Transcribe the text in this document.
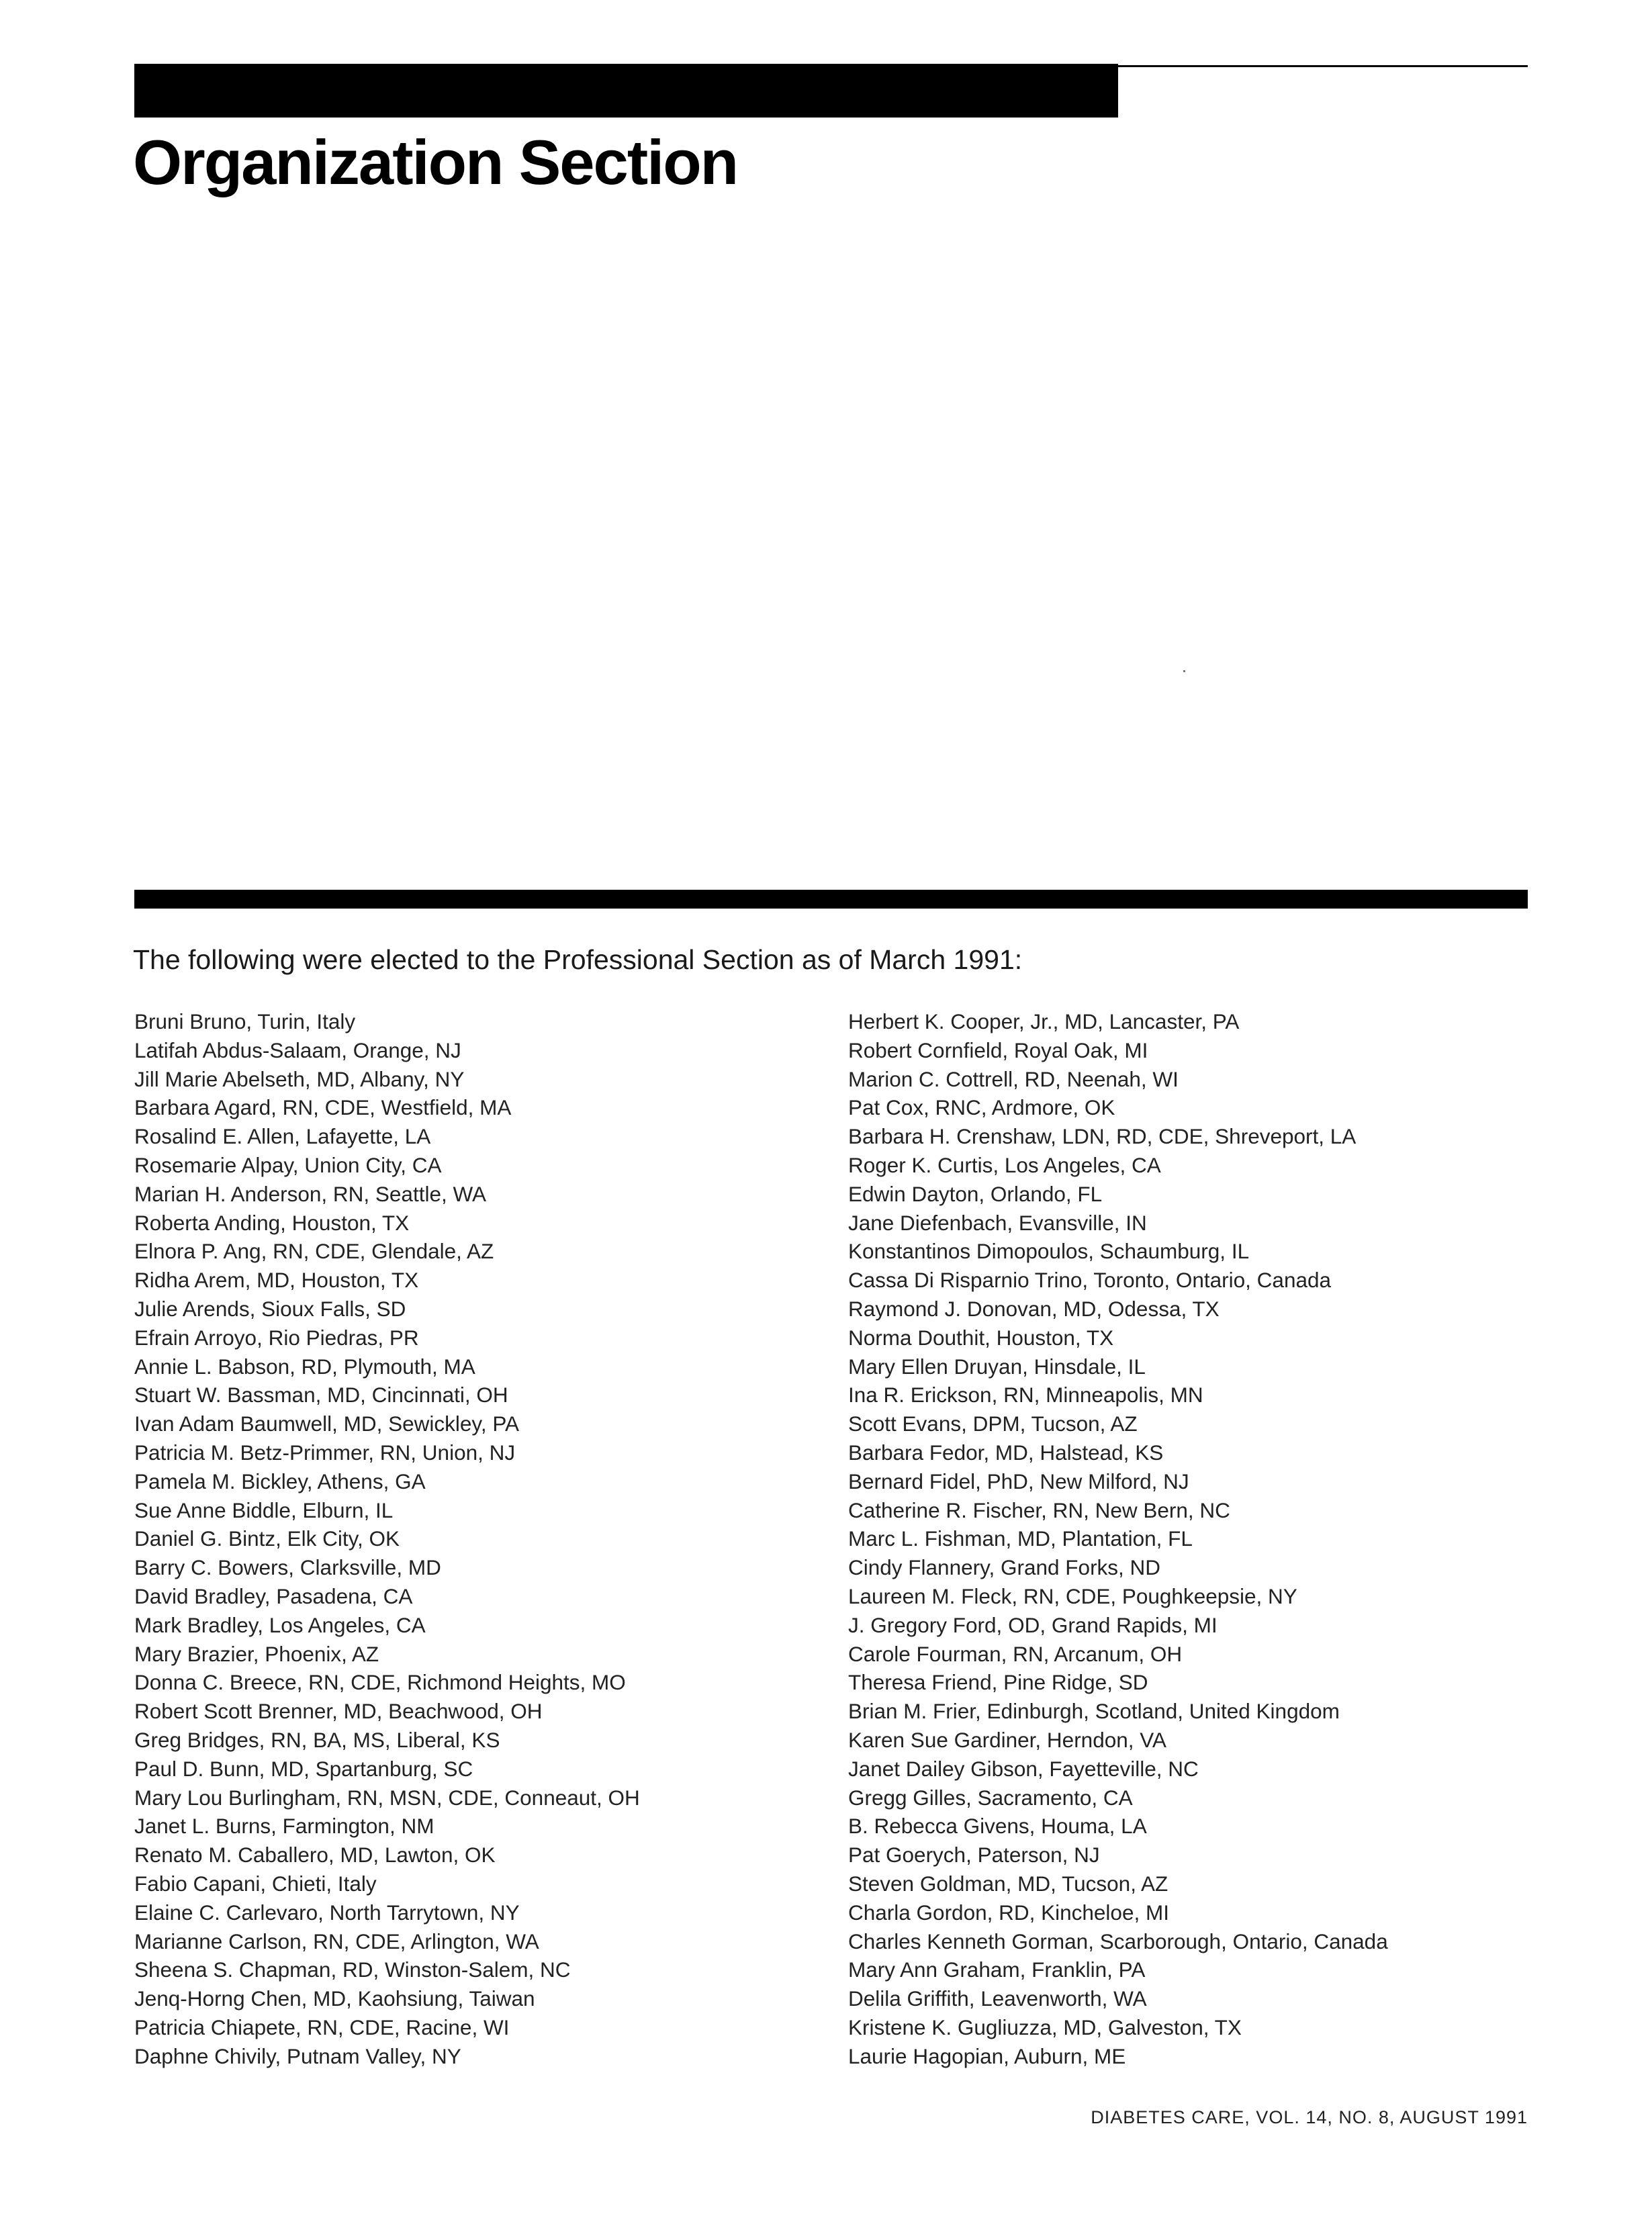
Organization Section

The following were elected to the Professional Section as of March 1991:

Bruni Bruno, Turin, Italy
Latifah Abdus-Salaam, Orange, NJ
Jill Marie Abelseth, MD, Albany, NY
Barbara Agard, RN, CDE, Westfield, MA
Rosalind E. Allen, Lafayette, LA
Rosemarie Alpay, Union City, CA
Marian H. Anderson, RN, Seattle, WA
Roberta Anding, Houston, TX
Elnora P. Ang, RN, CDE, Glendale, AZ
Ridha Arem, MD, Houston, TX
Julie Arends, Sioux Falls, SD
Efrain Arroyo, Rio Piedras, PR
Annie L. Babson, RD, Plymouth, MA
Stuart W. Bassman, MD, Cincinnati, OH
Ivan Adam Baumwell, MD, Sewickley, PA
Patricia M. Betz-Primmer, RN, Union, NJ
Pamela M. Bickley, Athens, GA
Sue Anne Biddle, Elburn, IL
Daniel G. Bintz, Elk City, OK
Barry C. Bowers, Clarksville, MD
David Bradley, Pasadena, CA
Mark Bradley, Los Angeles, CA
Mary Brazier, Phoenix, AZ
Donna C. Breece, RN, CDE, Richmond Heights, MO
Robert Scott Brenner, MD, Beachwood, OH
Greg Bridges, RN, BA, MS, Liberal, KS
Paul D. Bunn, MD, Spartanburg, SC
Mary Lou Burlingham, RN, MSN, CDE, Conneaut, OH
Janet L. Burns, Farmington, NM
Renato M. Caballero, MD, Lawton, OK
Fabio Capani, Chieti, Italy
Elaine C. Carlevaro, North Tarrytown, NY
Marianne Carlson, RN, CDE, Arlington, WA
Sheena S. Chapman, RD, Winston-Salem, NC
Jenq-Horng Chen, MD, Kaohsiung, Taiwan
Patricia Chiapete, RN, CDE, Racine, WI
Daphne Chivily, Putnam Valley, NY
Herbert K. Cooper, Jr., MD, Lancaster, PA
Robert Cornfield, Royal Oak, MI
Marion C. Cottrell, RD, Neenah, WI
Pat Cox, RNC, Ardmore, OK
Barbara H. Crenshaw, LDN, RD, CDE, Shreveport, LA
Roger K. Curtis, Los Angeles, CA
Edwin Dayton, Orlando, FL
Jane Diefenbach, Evansville, IN
Konstantinos Dimopoulos, Schaumburg, IL
Cassa Di Risparnio Trino, Toronto, Ontario, Canada
Raymond J. Donovan, MD, Odessa, TX
Norma Douthit, Houston, TX
Mary Ellen Druyan, Hinsdale, IL
Ina R. Erickson, RN, Minneapolis, MN
Scott Evans, DPM, Tucson, AZ
Barbara Fedor, MD, Halstead, KS
Bernard Fidel, PhD, New Milford, NJ
Catherine R. Fischer, RN, New Bern, NC
Marc L. Fishman, MD, Plantation, FL
Cindy Flannery, Grand Forks, ND
Laureen M. Fleck, RN, CDE, Poughkeepsie, NY
J. Gregory Ford, OD, Grand Rapids, MI
Carole Fourman, RN, Arcanum, OH
Theresa Friend, Pine Ridge, SD
Brian M. Frier, Edinburgh, Scotland, United Kingdom
Karen Sue Gardiner, Herndon, VA
Janet Dailey Gibson, Fayetteville, NC
Gregg Gilles, Sacramento, CA
B. Rebecca Givens, Houma, LA
Pat Goerych, Paterson, NJ
Steven Goldman, MD, Tucson, AZ
Charla Gordon, RD, Kincheloe, MI
Charles Kenneth Gorman, Scarborough, Ontario, Canada
Mary Ann Graham, Franklin, PA
Delila Griffith, Leavenworth, WA
Kristene K. Gugliuzza, MD, Galveston, TX
Laurie Hagopian, Auburn, ME

DIABETES CARE, VOL. 14, NO. 8, AUGUST 1991
